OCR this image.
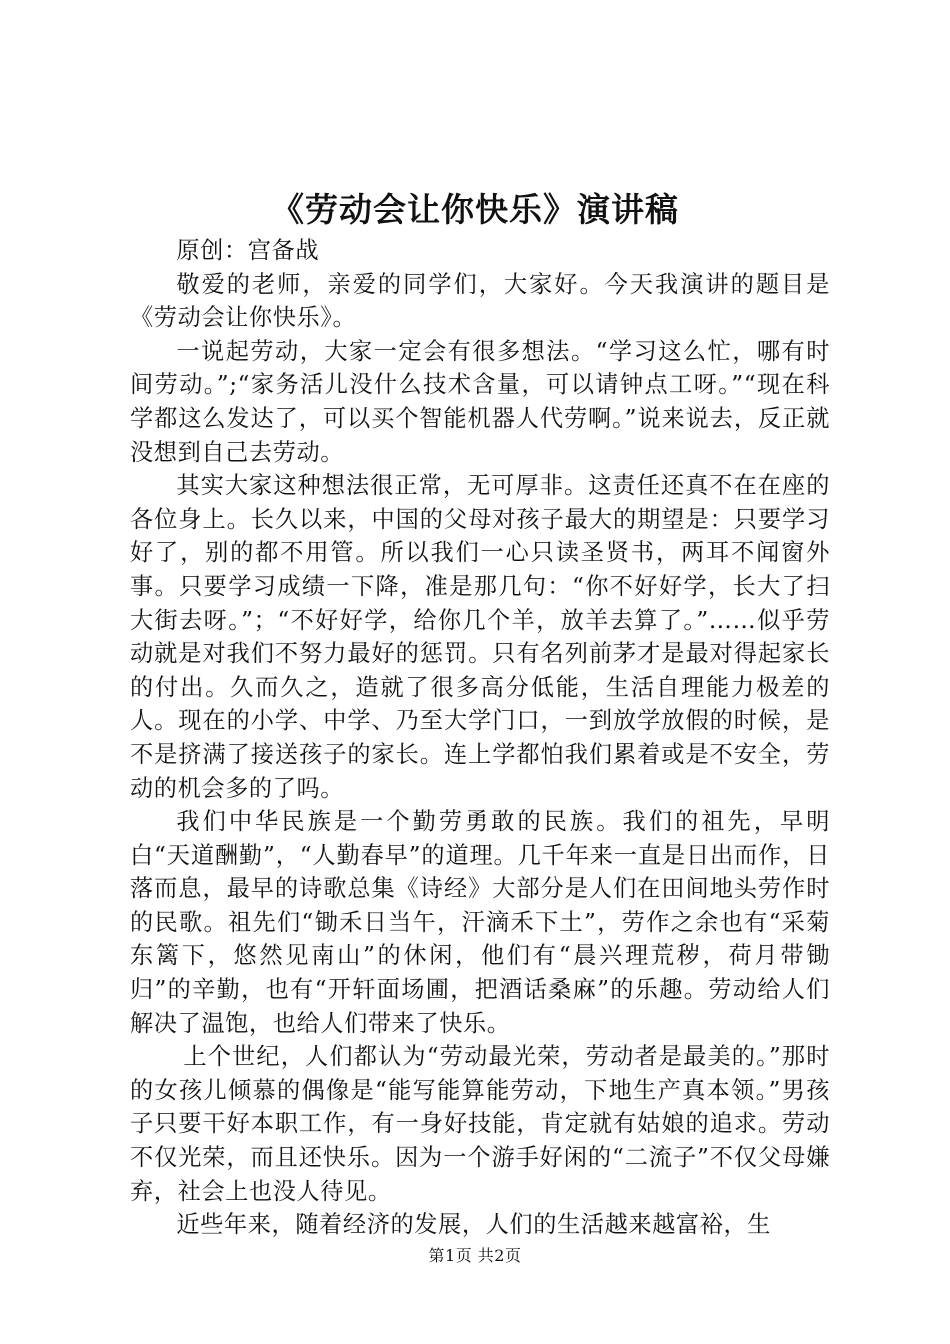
《劳动会让你快乐》演讲稿

原创：宫备战

敬爱的老师，亲爱的同学们，大家好。今天我演讲的题目是《劳动会让你快乐》。

一说起劳动，大家一定会有很多想法。“学习这么忙，哪有时间劳动。”;“家务活儿没什么技术含量，可以请钟点工呀。”“现在科学都这么发达了，可以买个智能机器人代劳啊。”说来说去，反正就没想到自己去劳动。

其实大家这种想法很正常，无可厚非。这责任还真不在在座的各位身上。长久以来，中国的父母对孩子最大的期望是：只要学习好了，别的都不用管。所以我们一心只读圣贤书，两耳不闻窗外事。只要学习成绩一下降，准是那几句：“你不好好学，长大了扫大街去呀。”；“不好好学，给你几个羊，放羊去算了。”……似乎劳动就是对我们不努力最好的惩罚。只有名列前茅才是最对得起家长的付出。久而久之，造就了很多高分低能，生活自理能力极差的人。现在的小学、中学、乃至大学门口，一到放学放假的时候，是不是挤满了接送孩子的家长。连上学都怕我们累着或是不安全，劳动的机会多的了吗。

我们中华民族是一个勤劳勇敢的民族。我们的祖先，早明白“天道酬勤”，“人勤春早”的道理。几千年来一直是日出而作，日落而息，最早的诗歌总集《诗经》大部分是人们在田间地头劳作时的民歌。祖先们“锄禾日当午，汗滴禾下土”，劳作之余也有“采菊东篱下，悠然见南山”的休闲，他们有“晨兴理荒秽，荷月带锄归”的辛勤，也有“开轩面场圃，把酒话桑麻”的乐趣。劳动给人们解决了温饱，也给人们带来了快乐。

上个世纪，人们都认为“劳动最光荣，劳动者是最美的。”那时的女孩儿倾慕的偶像是“能写能算能劳动，下地生产真本领。”男孩子只要干好本职工作，有一身好技能，肯定就有姑娘的追求。劳动不仅光荣，而且还快乐。因为一个游手好闲的“二流子”不仅父母嫌弃，社会上也没人待见。

近些年来，随着经济的发展，人们的生活越来越富裕，生

第1页 共2页
